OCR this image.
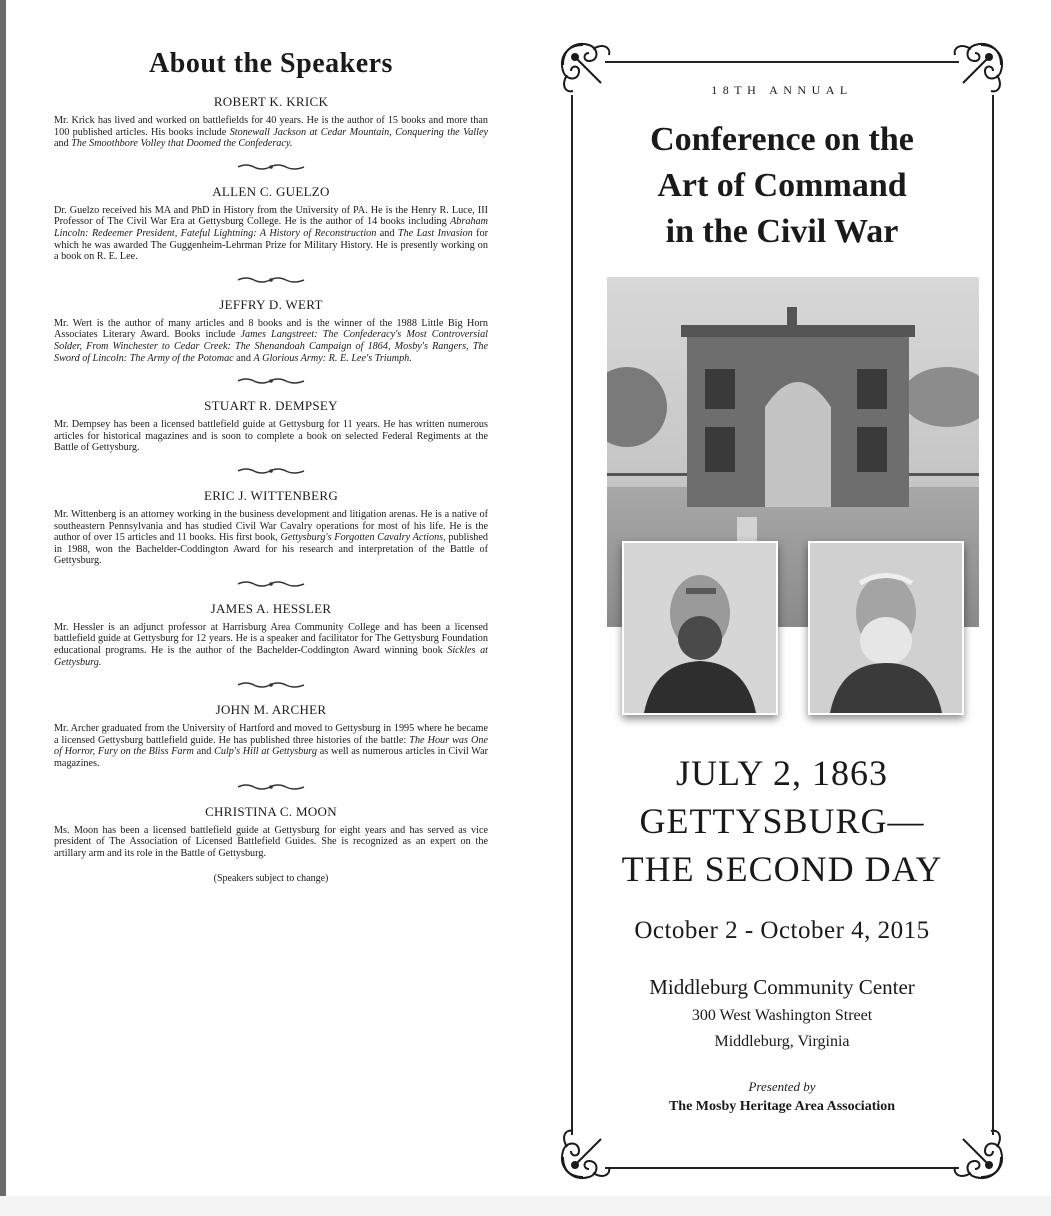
About the Speakers
ROBERT K. KRICK

Mr. Krick has lived and worked on battlefields for 40 years. He is the author of 15 books and more than 100 published articles. His books include Stonewall Jackson at Cedar Mountain, Conquering the Valley and The Smoothbore Volley that Doomed the Confederacy.

ALLEN C. GUELZO

Dr. Guelzo received his MA and PhD in History from the University of PA. He is the Henry R. Luce, III Professor of The Civil War Era at Gettysburg College. He is the author of 14 books including Abraham Lincoln: Redeemer President, Fateful Lightning: A History of Reconstruction and The Last Invasion for which he was awarded The Guggenheim-Lehrman Prize for Military History. He is presently working on a book on R. E. Lee.

JEFFRY D. WERT

Mr. Wert is the author of many articles and 8 books and is the winner of the 1988 Little Big Horn Associates Literary Award. Books include James Langstreet: The Confederacy's Most Controversial Solder, From Winchester to Cedar Creek: The Shenandoah Campaign of 1864, Mosby's Rangers, The Sword of Lincoln: The Army of the Potomac and A Glorious Army: R. E. Lee's Triumph.

STUART R. DEMPSEY

Mr. Dempsey has been a licensed battlefield guide at Gettysburg for 11 years. He has written numerous articles for historical magazines and is soon to complete a book on selected Federal Regiments at the Battle of Gettysburg.

ERIC J. WITTENBERG

Mr. Wittenberg is an attorney working in the business development and litigation arenas. He is a native of southeastern Pennsylvania and has studied Civil War Cavalry operations for most of his life. He is the author of over 15 articles and 11 books. His first book, Gettysburg's Forgotten Cavalry Actions, published in 1988, won the Bachelder-Coddington Award for his research and interpretation of the Battle of Gettysburg.

JAMES A. HESSLER

Mr. Hessler is an adjunct professor at Harrisburg Area Community College and has been a licensed battlefield guide at Gettysburg for 12 years. He is a speaker and facilitator for The Gettysburg Foundation educational programs. He is the author of the Bachelder-Coddington Award winning book Sickles at Gettysburg.

JOHN M. ARCHER

Mr. Archer graduated from the University of Hartford and moved to Gettysburg in 1995 where he became a licensed Gettysburg battlefield guide. He has published three histories of the battle: The Hour was One of Horror, Fury on the Bliss Farm and Culp's Hill at Gettysburg as well as numerous articles in Civil War magazines.

CHRISTINA C. MOON

Ms. Moon has been a licensed battlefield guide at Gettysburg for eight years and has served as vice president of The Association of Licensed Battlefield Guides. She is recognized as an expert on the artillary arm and its role in the Battle of Gettysburg.

(Speakers subject to change)
18TH ANNUAL
Conference on the
Art of Command
in the Civil War
JULY 2, 1863
GETTYSBURG—
THE SECOND DAY
October 2 - October 4, 2015
Middleburg Community Center
300 West Washington Street
Middleburg, Virginia
Presented by
The Mosby Heritage Area Association
